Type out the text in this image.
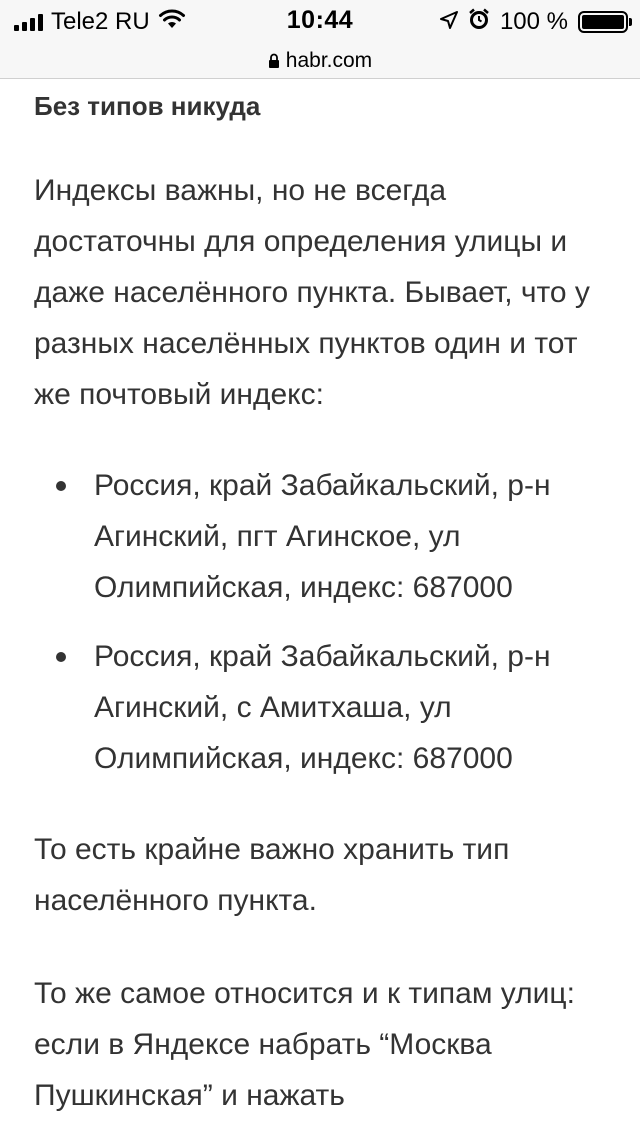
Tele2 RU	10:44	100 %
habr.com
Без типов никуда

Индексы важны, но не всегда достаточны для определения улицы и даже населённого пункта. Бывает, что у разных населённых пунктов один и тот же почтовый индекс:

Россия, край Забайкальский, р-н Агинский, пгт Агинское, ул Олимпийская, индекс: 687000
Россия, край Забайкальский, р-н Агинский, с Амитхаша, ул Олимпийская, индекс: 687000

То есть крайне важно хранить тип населённого пункта.

То же самое относится и к типам улиц: если в Яндексе набрать “Москва Пушкинская” и нажать
